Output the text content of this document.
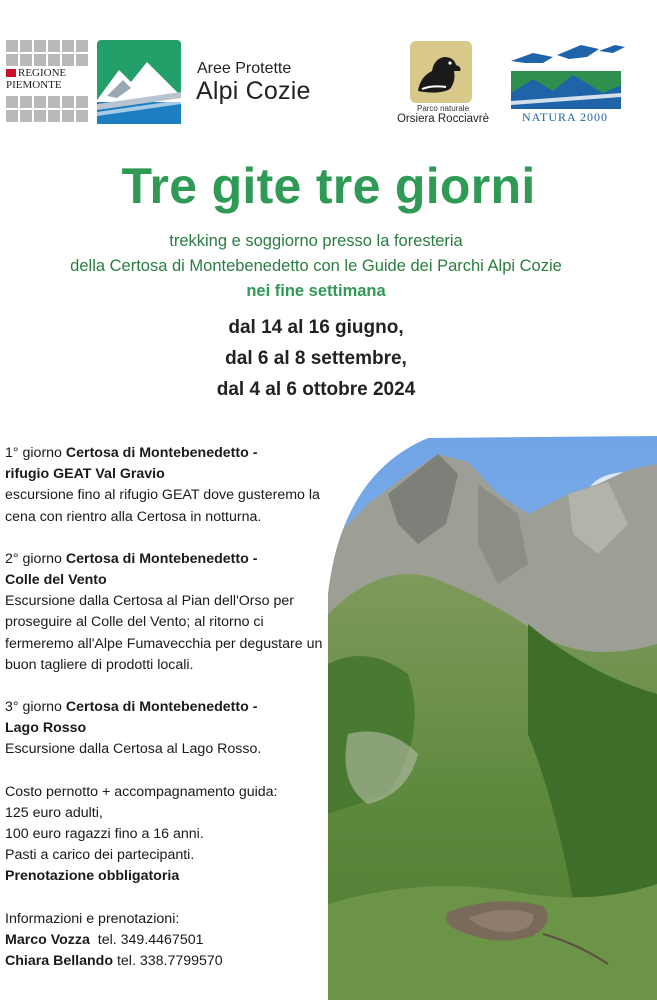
REGIONE
PIEMONTE
Aree Protette
Alpi Cozie
Parco naturale
Orsiera Rocciavrè	NATURA 2000
Tre gite tre giorni
trekking e soggiorno presso la foresteria
della Certosa di Montebenedetto con le Guide dei Parchi Alpi Cozie
nei fine settimana
dal 14 al 16 giugno,
dal 6 al 8 settembre,
dal 4 al 6 ottobre 2024

1° giorno Certosa di Montebenedetto -

rifugio GEAT Val Gravio

escursione fino al rifugio GEAT dove gusteremo la cena con rientro alla Certosa in notturna.

2° giorno Certosa di Montebenedetto -

Colle del Vento

Escursione dalla Certosa al Pian dell'Orso per proseguire al Colle del Vento; al ritorno ci fermeremo all'Alpe Fumavecchia per degustare un buon tagliere di prodotti locali.

3° giorno Certosa di Montebenedetto -

Lago Rosso

Escursione dalla Certosa al Lago Rosso.

Costo pernotto + accompagnamento guida:

125 euro adulti,

100 euro ragazzi fino a 16 anni.

Pasti a carico dei partecipanti.

Prenotazione obbligatoria

Informazioni e prenotazioni:

Marco Vozza tel. 349.4467501

Chiara Bellando tel. 338.7799570
